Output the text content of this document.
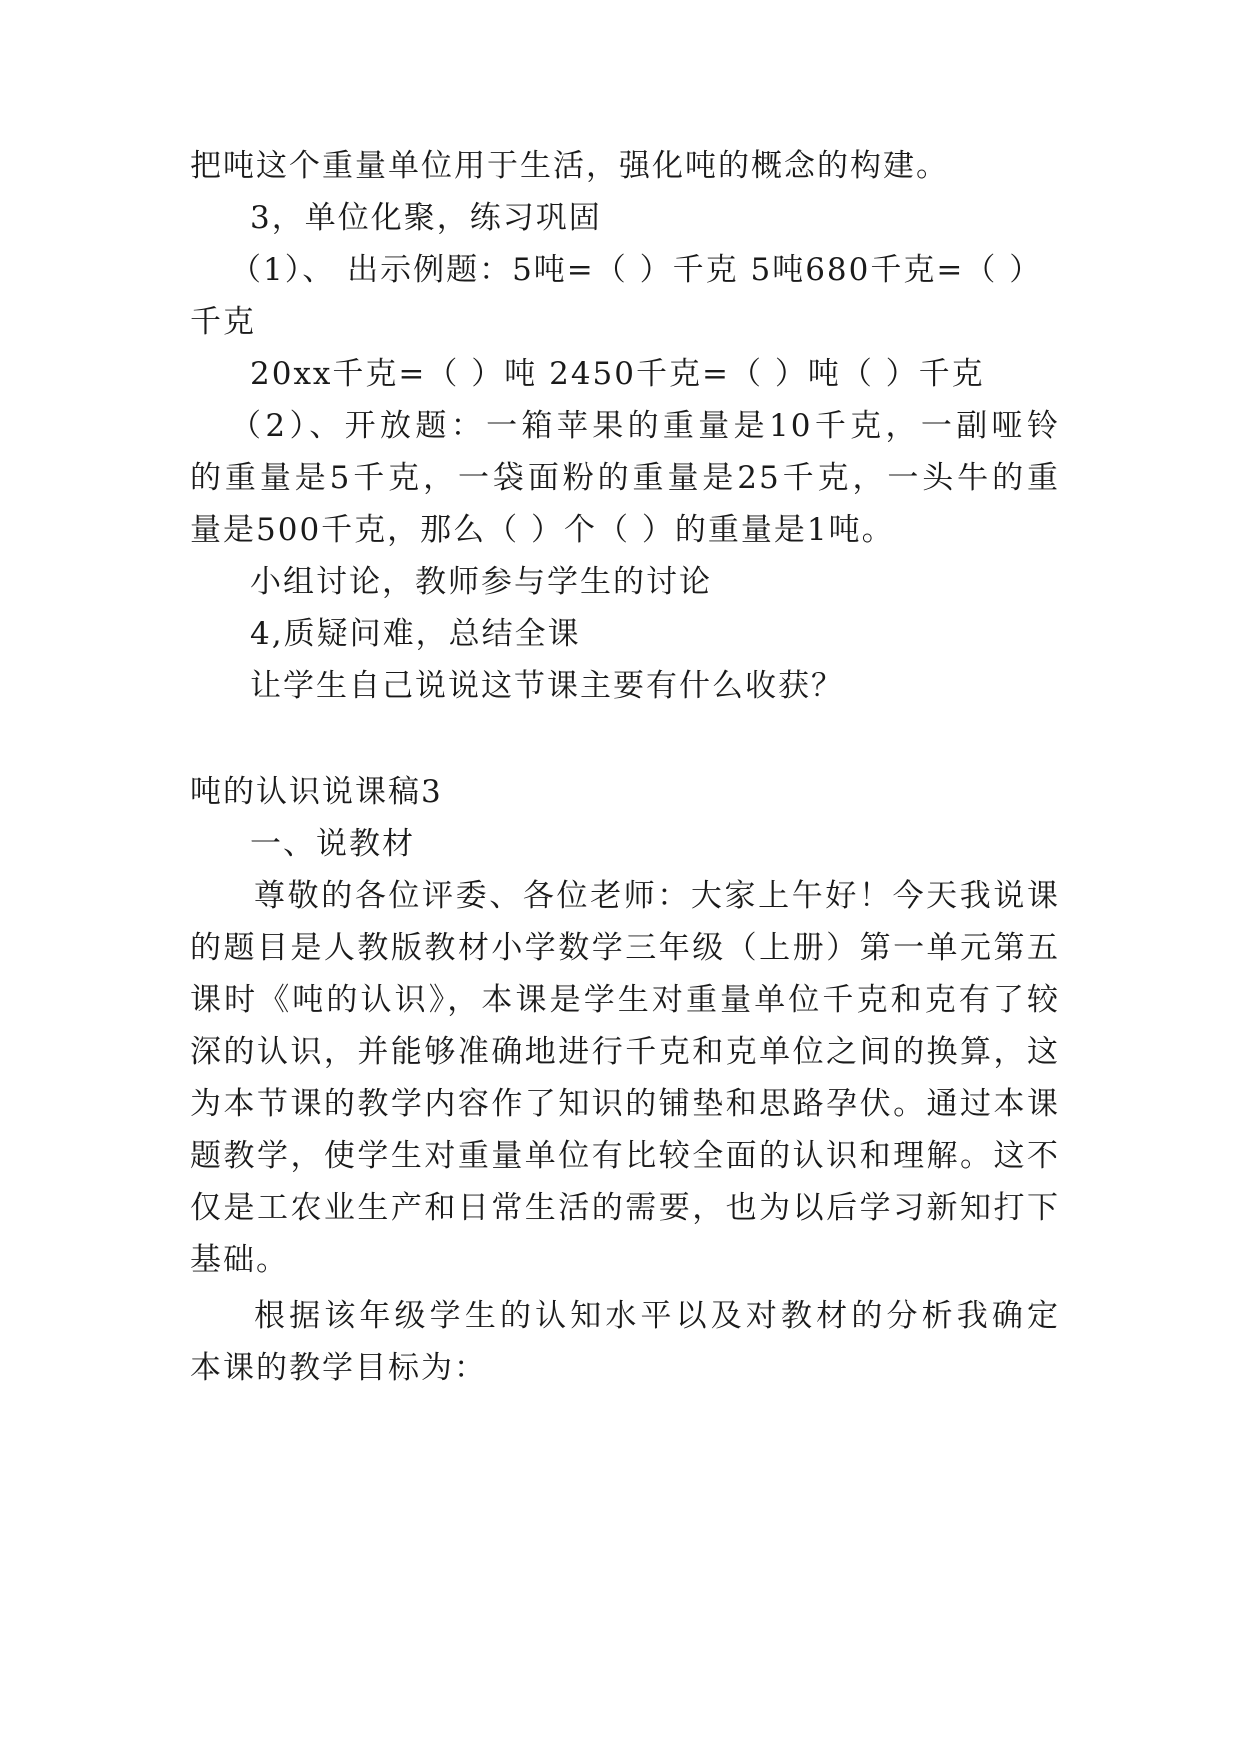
把吨这个重量单位用于生活，强化吨的概念的构建。
3，单位化聚，练习巩固
（1）、 出示例题：5吨=（ ）千克 5吨680千克=（ ）
千克
20xx千克=（ ）吨 2450千克=（ ）吨（ ）千克
（2）、开放题：一箱苹果的重量是10千克，一副哑铃
的重量是5千克，一袋面粉的重量是25千克，一头牛的重
量是500千克，那么（ ）个（ ）的重量是1吨。
小组讨论，教师参与学生的讨论
4,质疑问难，总结全课
让学生自己说说这节课主要有什么收获？
吨的认识说课稿3
一、说教材
尊敬的各位评委、各位老师：大家上午好！今天我说课
的题目是人教版教材小学数学三年级（上册）第一单元第五
课时《吨的认识》，本课是学生对重量单位千克和克有了较
深的认识，并能够准确地进行千克和克单位之间的换算，这
为本节课的教学内容作了知识的铺垫和思路孕伏。通过本课
题教学，使学生对重量单位有比较全面的认识和理解。这不
仅是工农业生产和日常生活的需要，也为以后学习新知打下
基础。
根据该年级学生的认知水平以及对教材的分析我确定
本课的教学目标为：
